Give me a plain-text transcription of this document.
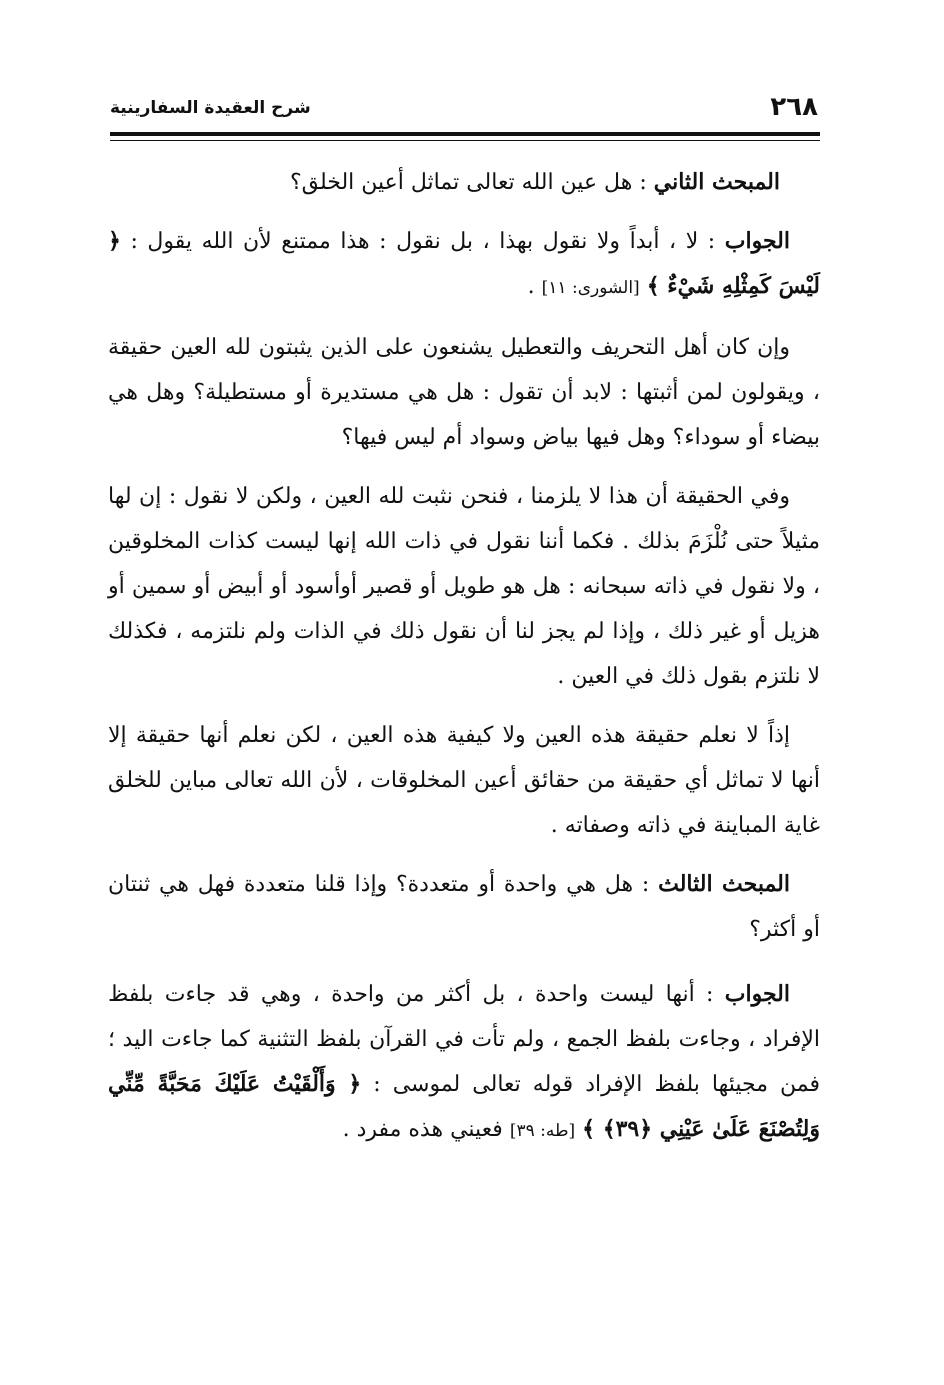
٢٦٨
شرح العقيدة السفارينية

المبحث الثاني : هل عين الله تعالى تماثل أعين الخلق؟

الجواب : لا ، أبداً ولا نقول بهذا ، بل نقول : هذا ممتنع لأن الله يقول : ﴿ لَيْسَ كَمِثْلِهِ شَيْءٌ ﴾ [الشورى: ١١] .

وإن كان أهل التحريف والتعطيل يشنعون على الذين يثبتون لله العين حقيقة ، ويقولون لمن أثبتها : لابد أن تقول : هل هي مستديرة أو مستطيلة؟ وهل هي بيضاء أو سوداء؟ وهل فيها بياض وسواد أم ليس فيها؟

وفي الحقيقة أن هذا لا يلزمنا ، فنحن نثبت لله العين ، ولكن لا نقول : إن لها مثيلاً حتى نُلْزَمَ بذلك . فكما أننا نقول في ذات الله إنها ليست كذات المخلوقين ، ولا نقول في ذاته سبحانه : هل هو طويل أو قصير أوأسود أو أبيض أو سمين أو هزيل أو غير ذلك ، وإذا لم يجز لنا أن نقول ذلك في الذات ولم نلتزمه ، فكذلك لا نلتزم بقول ذلك في العين .

إذاً لا نعلم حقيقة هذه العين ولا كيفية هذه العين ، لكن نعلم أنها حقيقة إلا أنها لا تماثل أي حقيقة من حقائق أعين المخلوقات ، لأن الله تعالى مباين للخلق غاية المباينة في ذاته وصفاته .

المبحث الثالث : هل هي واحدة أو متعددة؟ وإذا قلنا متعددة فهل هي ثنتان أو أكثر؟

الجواب : أنها ليست واحدة ، بل أكثر من واحدة ، وهي قد جاءت بلفظ الإفراد ، وجاءت بلفظ الجمع ، ولم تأت في القرآن بلفظ التثنية كما جاءت اليد ؛ فمن مجيئها بلفظ الإفراد قوله تعالى لموسى : ﴿ وَأَلْقَيْتُ عَلَيْكَ مَحَبَّةً مِّنِّي وَلِتُصْنَعَ عَلَىٰ عَيْنِي ﴿٣٩﴾ ﴾ [طه: ٣٩] فعيني هذه مفرد .
